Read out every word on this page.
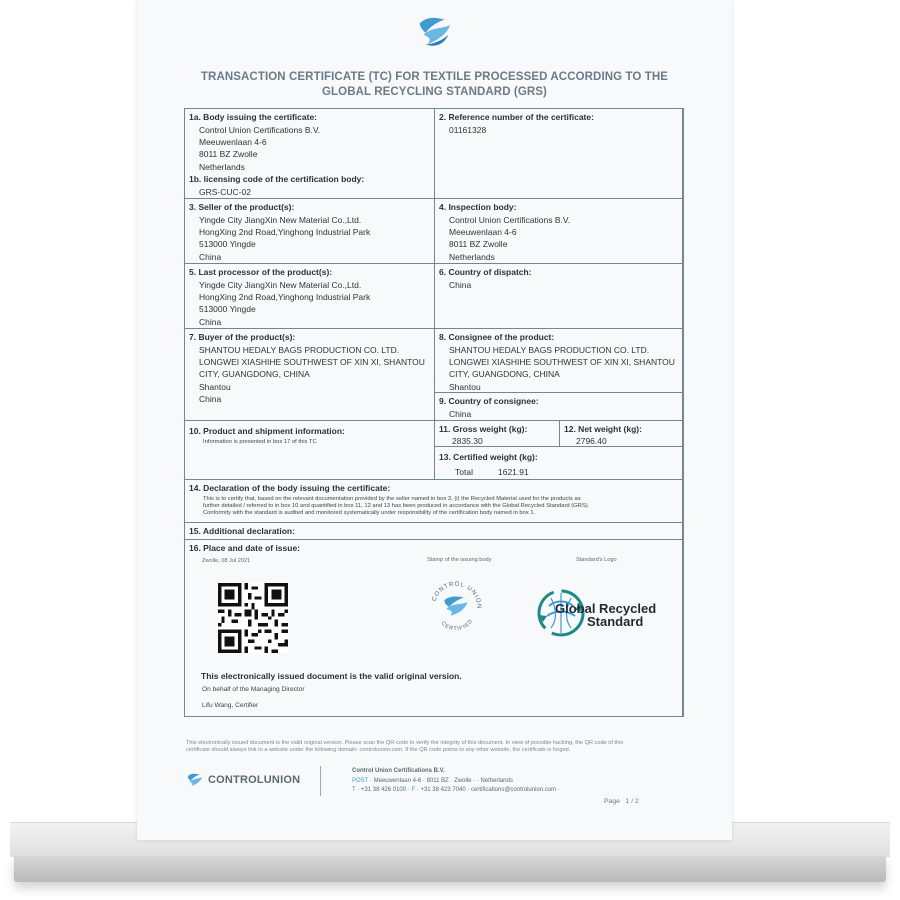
TRANSACTION CERTIFICATE (TC) FOR TEXTILE PROCESSED ACCORDING TO THE
GLOBAL RECYCLING STANDARD (GRS)
1a. Body issuing the certificate:
Control Union Certifications B.V.
Meeuwenlaan 4-6
8011 BZ Zwolle
Netherlands
1b. licensing code of the certification body:
GRS-CUC-02
2. Reference number of the certificate:
01161328
3. Seller of the product(s):
Yingde City JiangXin New Material Co.,Ltd.
HongXing 2nd Road,Yinghong Industrial Park
513000 Yingde
China
4. Inspection body:
Control Union Certifications B.V.
Meeuwenlaan 4-6
8011 BZ Zwolle
Netherlands
5. Last processor of the product(s):
Yingde City JiangXin New Material Co.,Ltd.
HongXing 2nd Road,Yinghong Industrial Park
513000 Yingde
China
6. Country of dispatch:
China
7. Buyer of the product(s):
SHANTOU HEDALY BAGS PRODUCTION CO. LTD.
LONGWEI XIASHIHE SOUTHWEST OF XIN XI, SHANTOU
CITY, GUANGDONG, CHINA
Shantou
China
8. Consignee of the product:
SHANTOU HEDALY BAGS PRODUCTION CO. LTD.
LONGWEI XIASHIHE SOUTHWEST OF XIN XI, SHANTOU
CITY, GUANGDONG, CHINA
Shantou
9. Country of consignee:
China
10. Product and shipment information:
Information is presented in box 17 of this TC
11. Gross weight (kg):
2835.30
12. Net weight (kg):
2796.40
13. Certified weight (kg):
Total	1621.91
14. Declaration of the body issuing the certificate:
This is to certify that, based on the relevant documentation provided by the seller named in box 3, (i) the Recycled Material used for the products as
further detailed / referred to in box 10 and quantified in box 11, 12 and 13 has been produced in accordance with the Global Recycled Standard (GRS).
Conformity with the standard is audited and monitored systematically under responsibility of the certification body named in box 1.
15. Additional declaration:
16. Place and date of issue:
Zwolle, 08 Jul 2021	Stamp of the issuing body	Standard's Logo
CONTROL UNION
CERTIFIED
Global Recycled
Standard
This electronically issued document is the valid original version.
On behalf of the Managing Director
Lifu Wang, Certifier
This electronically issued document is the valid original version. Please scan the QR-code to verify the integrity of this document. In view of possible hacking, the QR code of this
certificate should always link to a website under the following domain: controlunion.com. If the QR code points to any other website, the certificate is forged.
CONTROLUNION
Control Union Certifications B.V.
POST · Meeuwenlaan 4-6 · 8011 BZ · Zwolle · · Netherlands
T · +31 38 426 0100 · F · +31 38 423 7040 · certifications@controlunion.com ·
Page 1 / 2
